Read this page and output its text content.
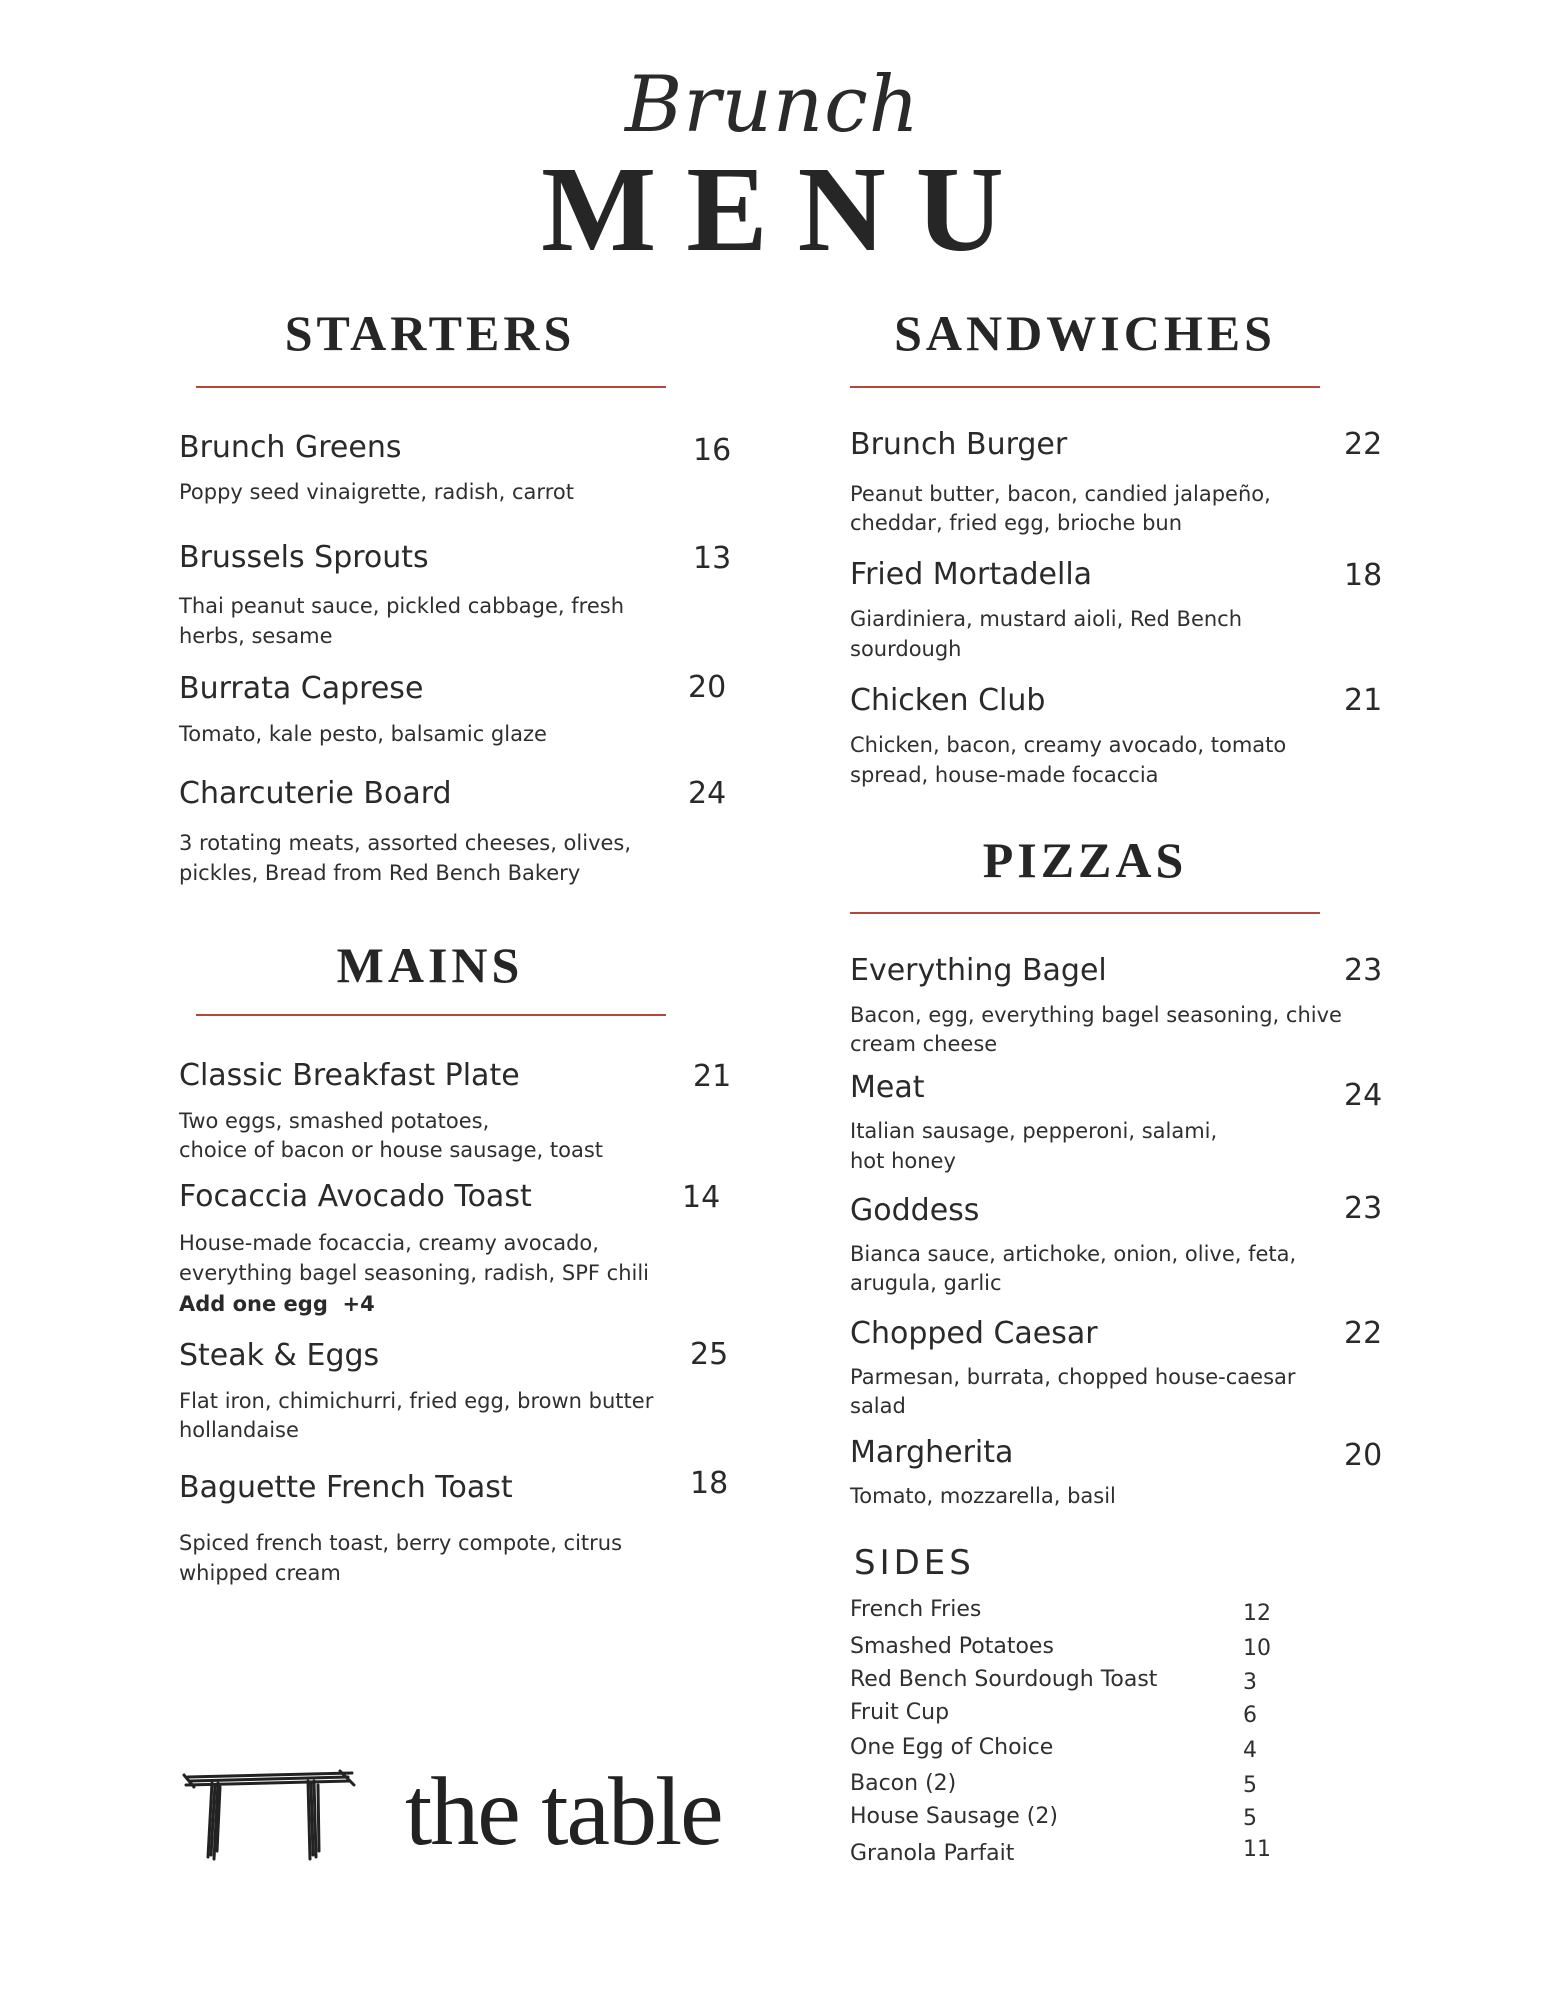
Brunch
MENU
STARTERS
Brunch Greens	16
Poppy seed vinaigrette, radish, carrot
Brussels Sprouts	13
Thai peanut sauce, pickled cabbage, fresh
herbs, sesame
Burrata Caprese	20
Tomato, kale pesto, balsamic glaze
Charcuterie Board	24
3 rotating meats, assorted cheeses, olives,
pickles, Bread from Red Bench Bakery
MAINS
Classic Breakfast Plate	21
Two eggs, smashed potatoes,
choice of bacon or house sausage, toast
Focaccia Avocado Toast	14
House-made focaccia, creamy avocado,
everything bagel seasoning, radish, SPF chili
Add one egg  +4
Steak & Eggs	25
Flat iron, chimichurri, fried egg, brown butter
hollandaise
Baguette French Toast	18
Spiced french toast, berry compote, citrus
whipped cream
SANDWICHES
Brunch Burger	22
Peanut butter, bacon, candied jalapeño,
cheddar, fried egg, brioche bun
Fried Mortadella	18
Giardiniera, mustard aioli, Red Bench
sourdough
Chicken Club	21
Chicken, bacon, creamy avocado, tomato
spread, house-made focaccia
PIZZAS
Everything Bagel	23
Bacon, egg, everything bagel seasoning, chive
cream cheese
Meat	24
Italian sausage, pepperoni, salami,
hot honey
Goddess	23
Bianca sauce, artichoke, onion, olive, feta,
arugula, garlic
Chopped Caesar	22
Parmesan, burrata, chopped house-caesar
salad
Margherita	20
Tomato, mozzarella, basil
SIDES
French Fries	12
Smashed Potatoes	10
Red Bench Sourdough Toast	3
Fruit Cup	6
One Egg of Choice	4
Bacon (2)	5
House Sausage (2)	5
Granola Parfait	11
the table
